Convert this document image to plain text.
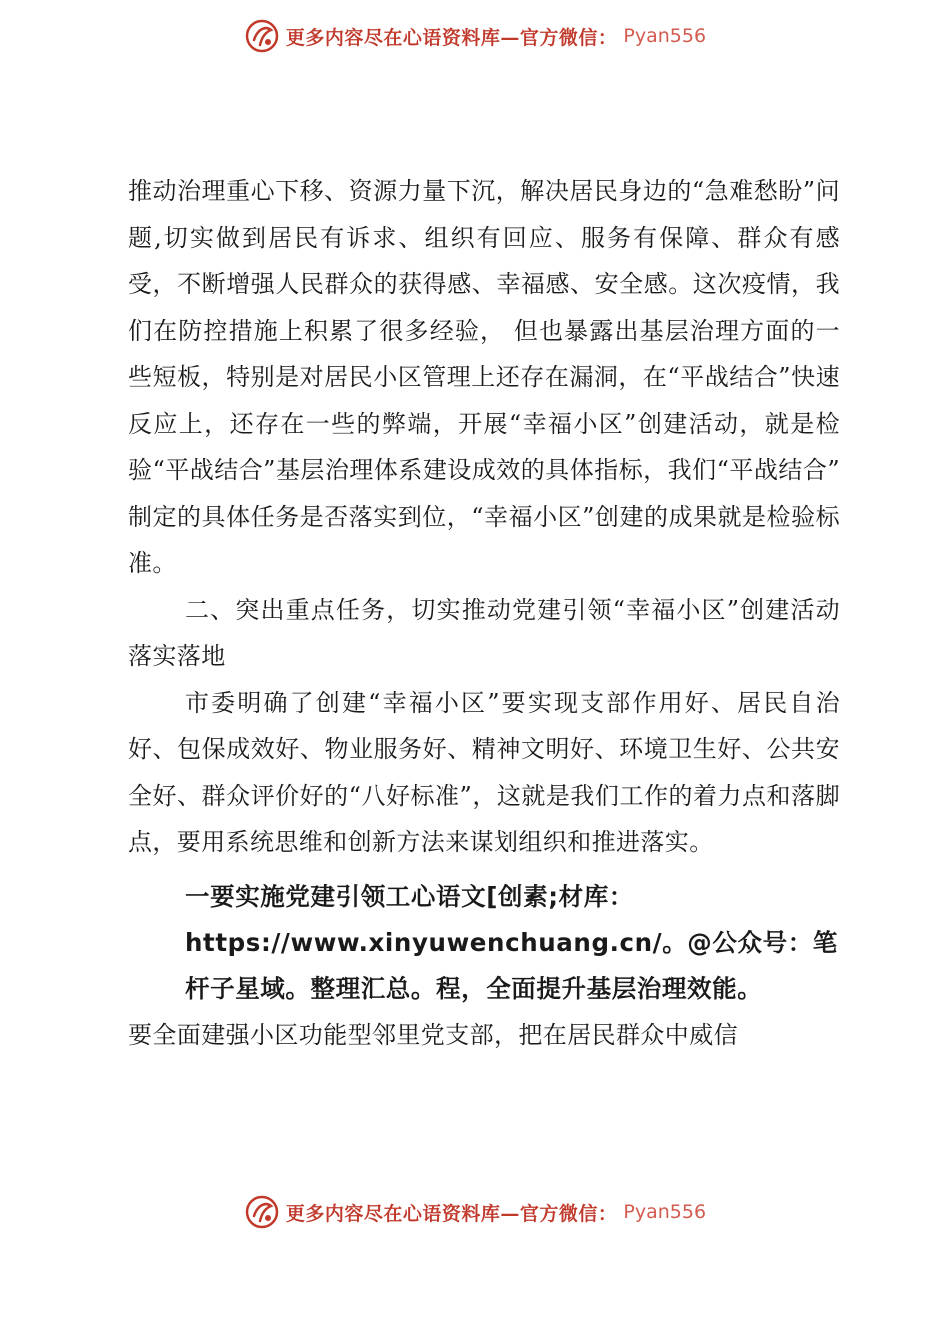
更多内容尽在心语资料库—官方微信： Pyan556

推动治理重心下移、资源力量下沉，解决居民身边的“急难愁盼”问题,切实做到居民有诉求、组织有回应、服务有保障、群众有感受，不断增强人民群众的获得感、幸福感、安全感。这次疫情，我们在防控措施上积累了很多经验， 但也暴露出基层治理方面的一些短板，特别是对居民小区管理上还存在漏洞，在“平战结合”快速反应上，还存在一些的弊端，开展“幸福小区”创建活动，就是检验“平战结合”基层治理体系建设成效的具体指标，我们“平战结合” 制定的具体任务是否落实到位，“幸福小区”创建的成果就是检验标准。

二、突出重点任务，切实推动党建引领“幸福小区”创建活动落实落地

市委明确了创建“幸福小区”要实现支部作用好、居民自治好、包保成效好、物业服务好、精神文明好、环境卫生好、公共安全好、群众评价好的“八好标准”，这就是我们工作的着力点和落脚点，要用系统思维和创新方法来谋划组织和推进落实。

一要实施党建引领工心语文[创素;材库：https://www.xinyuwenchuang.cn/。@公众号：笔杆子星域。整理汇总。程，全面提升基层治理效能。

要全面建强小区功能型邻里党支部，把在居民群众中威信

更多内容尽在心语资料库—官方微信： Pyan556
